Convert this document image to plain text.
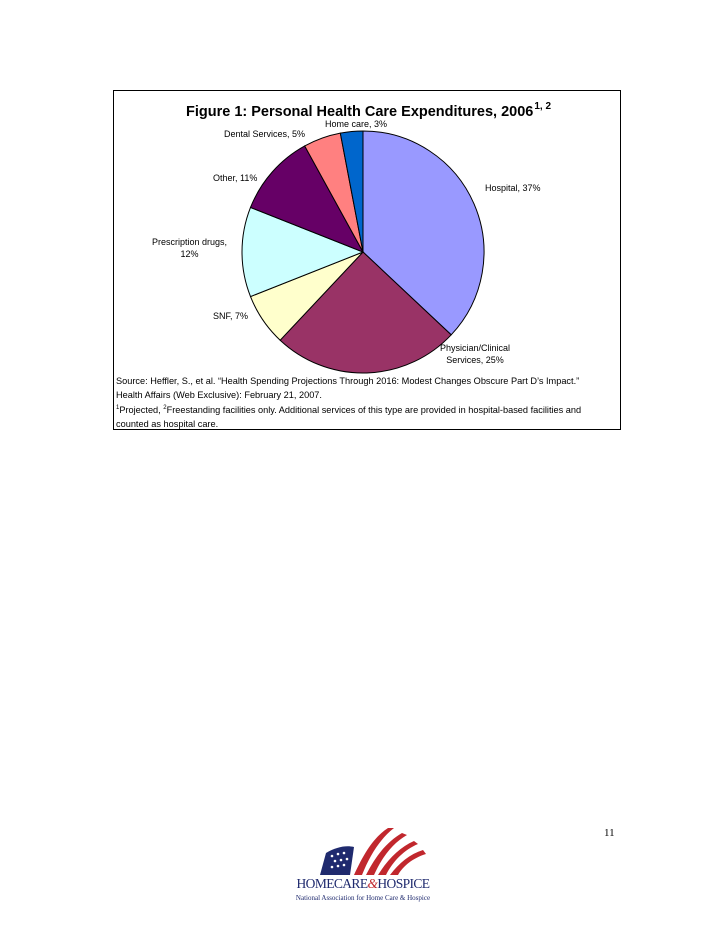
Figure 1: Personal Health Care Expenditures, 2006$^{1, 2}$
Hospital, 37%
Physician/Clinical
Services, 25%
SNF, 7%
Prescription drugs,
12%
Other, 11%
Dental Services, 5%
Home care, 3%

Source: Heffler, S., et al. “Health Spending Projections Through 2016: Modest Changes Obscure Part D’s Impact.”
Health Affairs (Web Exclusive): February 21, 2007.
$^1$Projected, $^2$Freestanding facilities only. Additional services of this type are provided in hospital-based facilities and counted as hospital care.

11
HOMECARE&HOSPICE
National Association for Home Care & Hospice
